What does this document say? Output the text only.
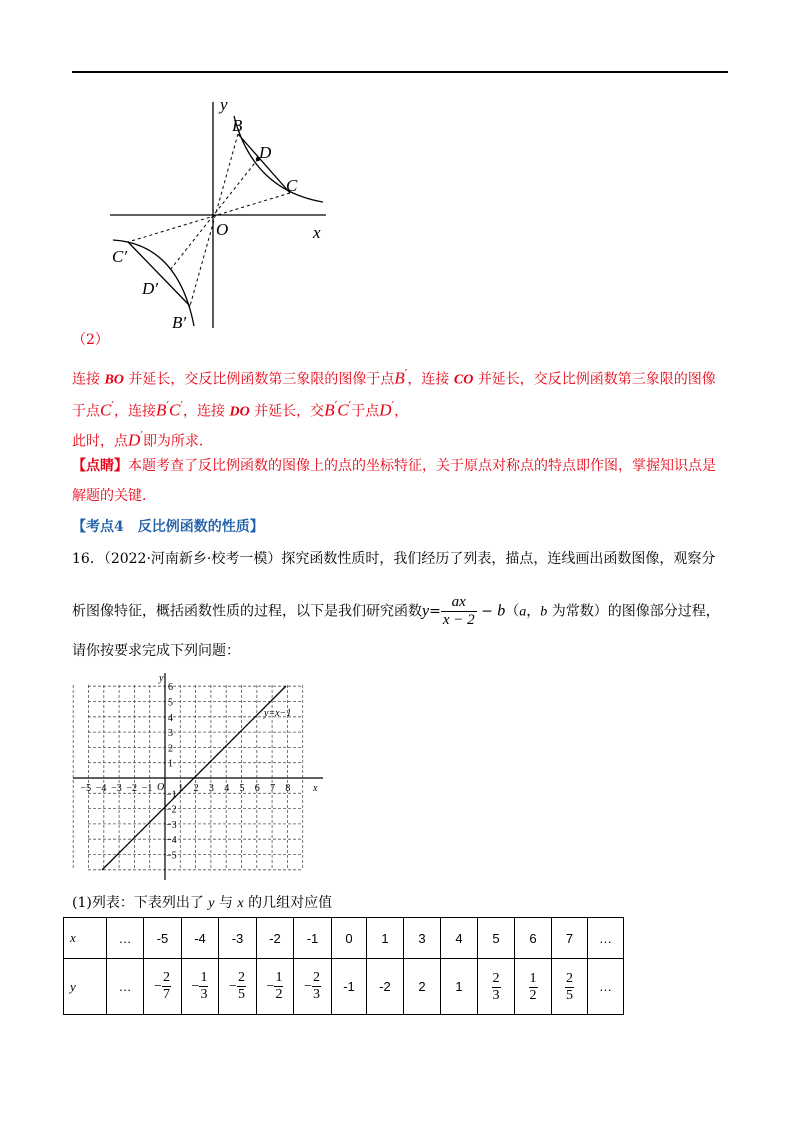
y
x
O
B
D
C
C′
D′
B′
（2）
连接 BO 并延长，交反比例函数第三象限的图像于点B′，连接 CO 并延长，交反比例函数第三象限的图像
于点C′，连接B′C′，连接 DO 并延长，交B′C′于点D′，
此时，点D′即为所求.
【点睛】本题考查了反比例函数的图像上的点的坐标特征，关于原点对称点的特点即作图，掌握知识点是
解题的关键.
【考点4　反比例函数的性质】
16．（2022·河南新乡·校考一模）探究函数性质时，我们经历了列表，描点，连线画出函数图像，观察分
析图像特征，概括函数性质的过程，以下是我们研究函数$y= \frac{ax}{x - 2} - b(a$，b 为常数）的图像部分过程，
请你按要求完成下列问题：
y
x
O
y=x−1
−5 −4 −3 −2 −1	1 2 3 4 5 6 7 8
1
2
3
4
5
6
−1
−2
−3
−4
−5
(1)列表：下表列出了 y 与 x 的几组对应值
x	…	-5	-4	-3	-2	-1	0	1	3	4	5	6	7	…
y	…	− $\frac{2}{7}$	− $\frac{1}{3}$	− $\frac{2}{5}$	− $\frac{1}{2}$	− $\frac{2}{3}$	-1	-2	2	1	$\frac{2}{3}$	$\frac{1}{2}$	$\frac{2}{5}$	…
